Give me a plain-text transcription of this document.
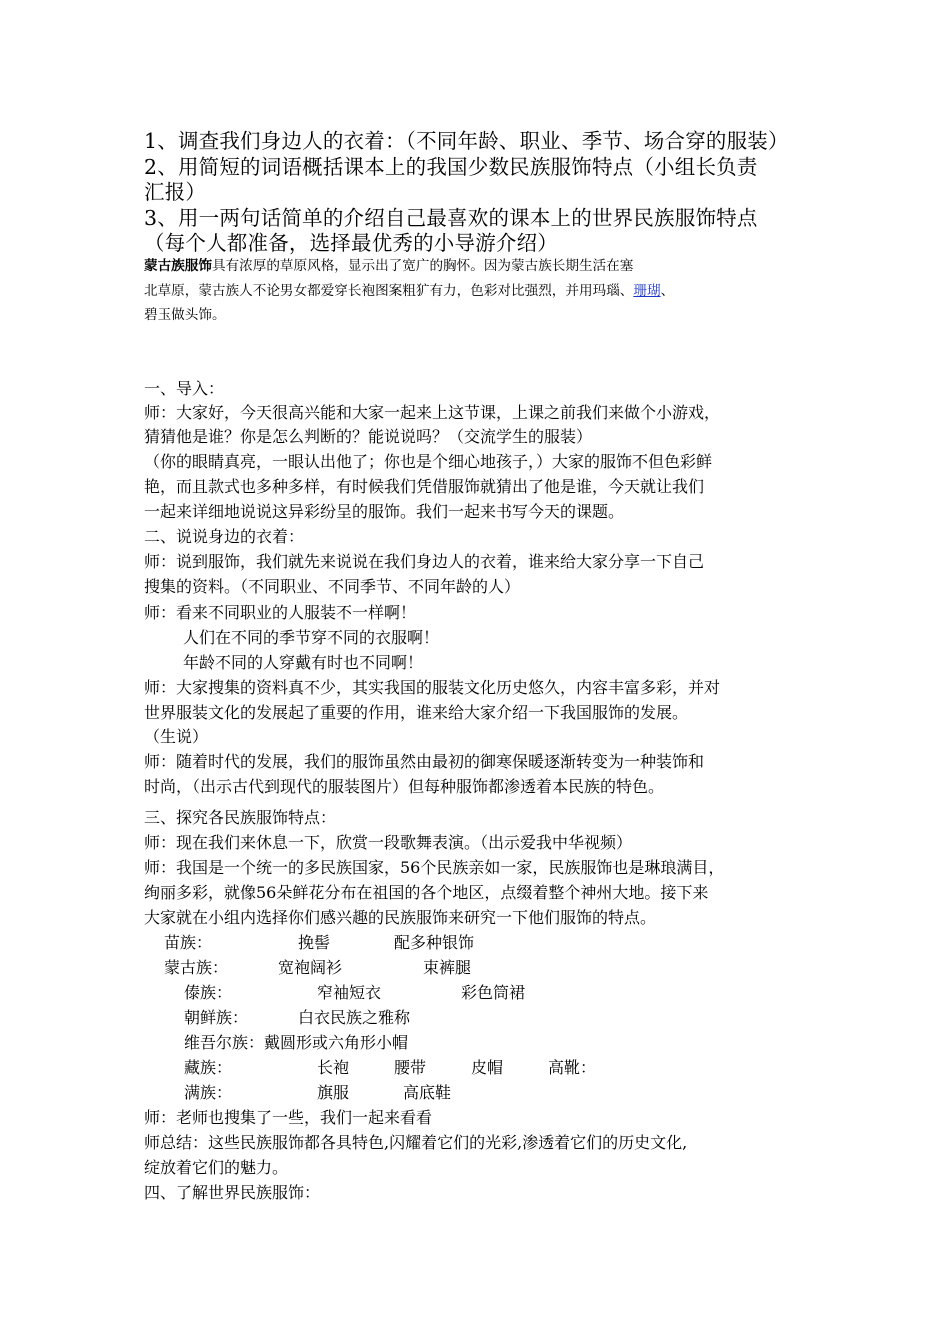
1、调查我们身边人的衣着：（不同年龄、职业、季节、场合穿的服装）
2、用简短的词语概括课本上的我国少数民族服饰特点（小组长负责
汇报）
3、用一两句话简单的介绍自己最喜欢的课本上的世界民族服饰特点
（每个人都准备，选择最优秀的小导游介绍）
蒙古族服饰具有浓厚的草原风格，显示出了宽广的胸怀。因为蒙古族长期生活在塞
北草原，蒙古族人不论男女都爱穿长袍图案粗犷有力，色彩对比强烈，并用玛瑙、珊瑚、
碧玉做头饰。
一、导入：
师：大家好，今天很高兴能和大家一起来上这节课，上课之前我们来做个小游戏，
猜猜他是谁？你是怎么判断的？能说说吗？（交流学生的服装）
（你的眼睛真亮，一眼认出他了；你也是个细心地孩子，）大家的服饰不但色彩鲜
艳，而且款式也多种多样，有时候我们凭借服饰就猜出了他是谁，今天就让我们
一起来详细地说说这异彩纷呈的服饰。我们一起来书写今天的课题。
二、说说身边的衣着：
师：说到服饰，我们就先来说说在我们身边人的衣着，谁来给大家分享一下自己
搜集的资料。（不同职业、不同季节、不同年龄的人）
师：看来不同职业的人服装不一样啊！
人们在不同的季节穿不同的衣服啊！
年龄不同的人穿戴有时也不同啊！
师：大家搜集的资料真不少，其实我国的服装文化历史悠久，内容丰富多彩，并对
世界服装文化的发展起了重要的作用，谁来给大家介绍一下我国服饰的发展。
（生说）
师：随着时代的发展，我们的服饰虽然由最初的御寒保暖逐渐转变为一种装饰和
时尚，（出示古代到现代的服装图片）但每种服饰都渗透着本民族的特色。
三、探究各民族服饰特点：
师：现在我们来休息一下，欣赏一段歌舞表演。（出示爱我中华视频）
师：我国是一个统一的多民族国家，56个民族亲如一家，民族服饰也是琳琅满目，
绚丽多彩，就像56朵鲜花分布在祖国的各个地区，点缀着整个神州大地。接下来
大家就在小组内选择你们感兴趣的民族服饰来研究一下他们服饰的特点。
苗族：	挽髻	配多种银饰
蒙古族：	宽袍阔衫	束裤腿
傣族：	窄袖短衣	彩色筒裙
朝鲜族：	白衣民族之雅称
维吾尔族：戴圆形或六角形小帽
藏族：	长袍	腰带	皮帽	高靴：
满族：	旗服	高底鞋
师：老师也搜集了一些，我们一起来看看
师总结：这些民族服饰都各具特色,闪耀着它们的光彩,渗透着它们的历史文化,
绽放着它们的魅力。
四、了解世界民族服饰：
